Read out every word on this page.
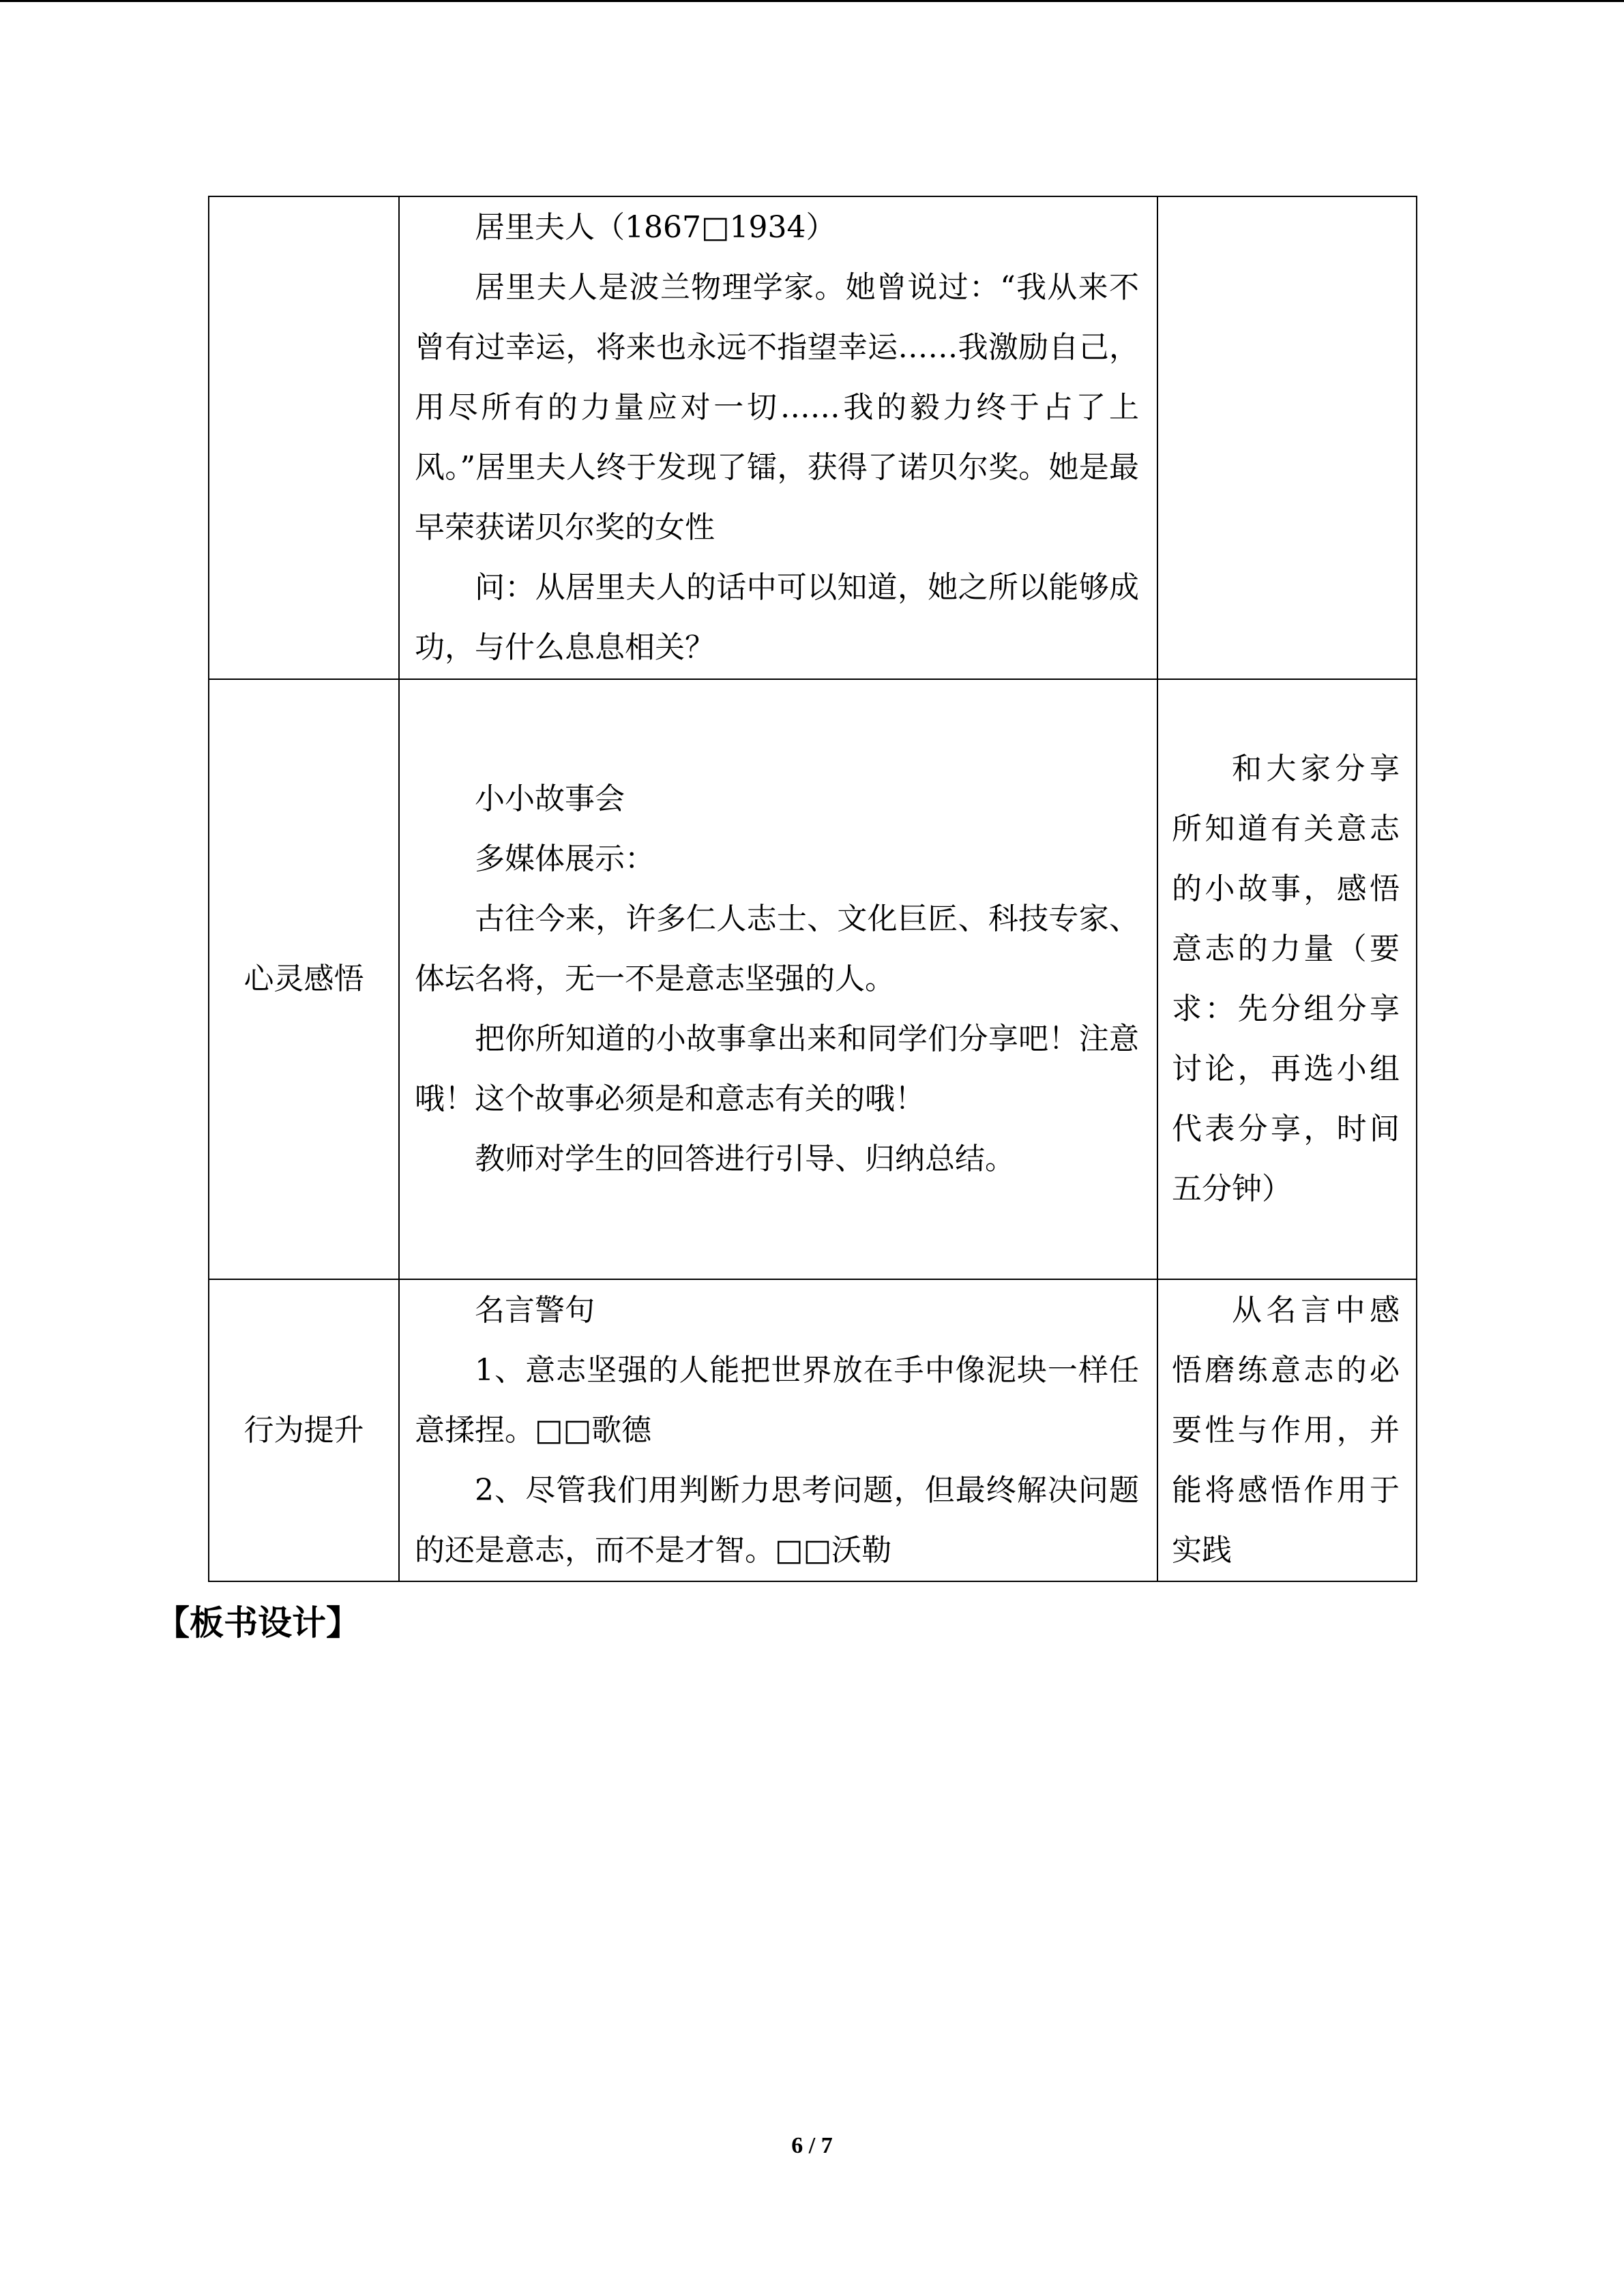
	居里夫人（1867□1934）

居里夫人是波兰物理学家。她曾说过：“我从来不曾有过幸运，将来也永远不指望幸运……我激励自己，用尽所有的力量应对一切……我的毅力终于占了上风。”居里夫人终于发现了镭，获得了诺贝尔奖。她是最早荣获诺贝尔奖的女性

问：从居里夫人的话中可以知道，她之所以能够成功，与什么息息相关？	

心灵感悟	小小故事会

多媒体展示：

古往今来，许多仁人志士、文化巨匠、科技专家、体坛名将，无一不是意志坚强的人。

把你所知道的小故事拿出来和同学们分享吧！注意哦！这个故事必须是和意志有关的哦！

教师对学生的回答进行引导、归纳总结。	和大家分享所知道有关意志的小故事，感悟意志的力量（要求：先分组分享讨论，再选小组代表分享，时间五分钟）

行为提升	名言警句

1、意志坚强的人能把世界放在手中像泥块一样任意揉捏。□□歌德

2、尽管我们用判断力思考问题，但最终解决问题的还是意志，而不是才智。□□沃勒	从名言中感悟磨练意志的必要性与作用，并能将感悟作用于实践

【板书设计】
6 / 7
